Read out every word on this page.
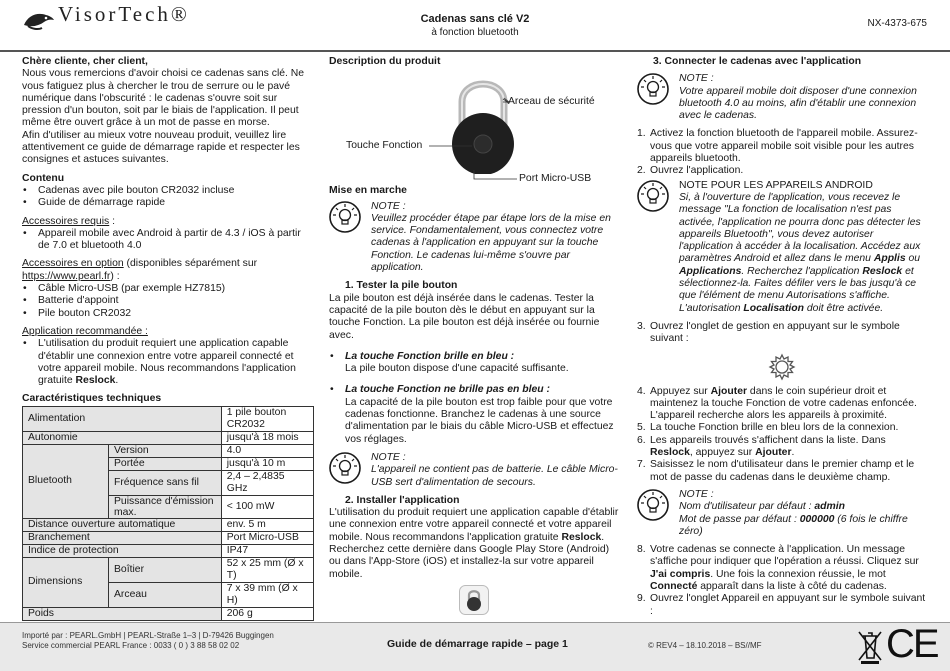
VisorTech®	Cadenas sans clé V2
à fonction bluetooth
NX-4373-675

Chère cliente, cher client,

Nous vous remercions d'avoir choisi ce cadenas sans clé. Ne vous fatiguez plus à chercher le trou de serrure ou le pavé numérique dans l'obscurité : le cadenas s'ouvre soit sur pression d'un bouton, soit par le biais de l'application. Il peut même être ouvert grâce à un mot de passe en morse.

Afin d'utiliser au mieux votre nouveau produit, veuillez lire attentivement ce guide de démarrage rapide et respecter les consignes et astuces suivantes.

Contenu

• Cadenas avec pile bouton CR2032 incluse
• Guide de démarrage rapide

Accessoires requis :

• Appareil mobile avec Android à partir de 4.3 / iOS à partir de 7.0 et bluetooth 4.0

Accessoires en option (disponibles séparément sur
https://www.pearl.fr) :

• Câble Micro-USB (par exemple HZ7815)
• Batterie d'appoint
• Pile bouton CR2032

Application recommandée :

• L'utilisation du produit requiert une application capable d'établir une connexion entre votre appareil connecté et votre appareil mobile. Nous recommandons l'application gratuite Reslock.

Caractéristiques techniques

Alimentation		1 pile bouton CR2032
Autonomie		jusqu'à 18 mois
Bluetooth	Version	4.0
	Portée	jusqu'à 10 m
	Fréquence sans fil	2,4 – 2,4835 GHz
	Puissance d'émission max.	< 100 mW
Distance ouverture automatique		env. 5 m
Branchement		Port Micro-USB
Indice de protection		IP47
Dimensions	Boîtier	52 x 25 mm (Ø x T)
	Arceau	7 x 39 mm (Ø x H)
Poids		206 g

Description du produit

Arceau de sécurité
Touche Fonction
Port Micro-USB

Mise en marche

NOTE :

Veuillez procéder étape par étape lors de la mise en service. Fondamentalement, vous connectez votre cadenas à l'application en appuyant sur la touche Fonction. Le cadenas lui-même s'ouvre par application.

1. Tester la pile bouton

La pile bouton est déjà insérée dans le cadenas. Tester la capacité de la pile bouton dès le début en appuyant sur la touche Fonction. La pile bouton est déjà insérée ou fournie avec.

• La touche Fonction brille en bleu :
La pile bouton dispose d'une capacité suffisante.
• La touche Fonction ne brille pas en bleu :
La capacité de la pile bouton est trop faible pour que votre cadenas fonctionne. Branchez le cadenas à une source d'alimentation par le biais du câble Micro-USB et effectuez vos réglages.

NOTE :

L'appareil ne contient pas de batterie. Le câble Micro-USB sert d'alimentation de secours.

2. Installer l'application

L'utilisation du produit requiert une application capable d'établir une connexion entre votre appareil connecté et votre appareil mobile. Nous recommandons l'application gratuite Reslock. Recherchez cette dernière dans Google Play Store (Android) ou dans l'App-Store (iOS) et installez-la sur votre appareil mobile.

3. Connecter le cadenas avec l'application

NOTE :

Votre appareil mobile doit disposer d'une connexion bluetooth 4.0 au moins, afin d'établir une connexion avec le cadenas.

1. Activez la fonction bluetooth de l'appareil mobile. Assurez-vous que votre appareil mobile soit visible pour les autres appareils bluetooth.
2. Ouvrez l'application.

NOTE POUR LES APPAREILS ANDROID

Si, à l'ouverture de l'application, vous recevez le message "La fonction de localisation n'est pas activée, l'application ne pourra donc pas détecter les appareils Bluetooth", vous devez autoriser l'application à accéder à la localisation. Accédez aux paramètres Android et allez dans le menu Applis ou Applications. Recherchez l'application Reslock et sélectionnez-la. Faites défiler vers le bas jusqu'à ce que l'élément de menu Autorisations s'affiche. L'autorisation Localisation doit être activée.

3. Ouvrez l'onglet de gestion en appuyant sur le symbole suivant :
4. Appuyez sur Ajouter dans le coin supérieur droit et maintenez la touche Fonction de votre cadenas enfoncée. L'appareil recherche alors les appareils à proximité.
5. La touche Fonction brille en bleu lors de la connexion.
6. Les appareils trouvés s'affichent dans la liste. Dans Reslock, appuyez sur Ajouter.
7. Saisissez le nom d'utilisateur dans le premier champ et le mot de passe du cadenas dans le deuxième champ.

NOTE :

Nom d'utilisateur par défaut : admin

Mot de passe par défaut : 000000 (6 fois le chiffre zéro)

8. Votre cadenas se connecte à l'application. Un message s'affiche pour indiquer que l'opération a réussi. Cliquez sur J'ai compris. Une fois la connexion réussie, le mot Connecté apparaît dans la liste à côté du cadenas.
9. Ouvrez l'onglet Appareil en appuyant sur le symbole suivant :
Importé par : PEARL.GmbH | PEARL-Straße 1–3 | D-79426 Buggingen
Service commercial PEARL France : 0033 ( 0 ) 3 88 58 02 02	Guide de démarrage rapide – page 1	© REV4 – 18.10.2018 – BS//MF	CE
